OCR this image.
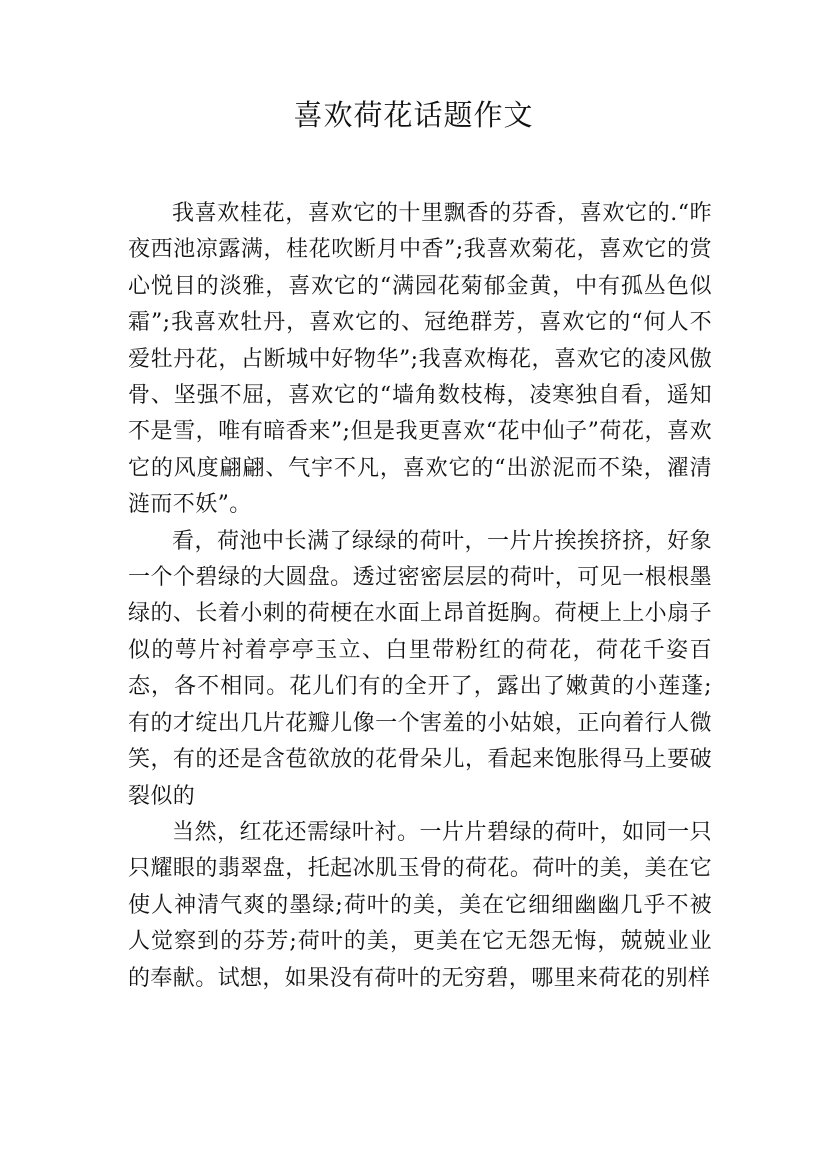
喜欢荷花话题作文

我喜欢桂花，喜欢它的十里飘香的芬香，喜欢它的.“昨夜西池凉露满，桂花吹断月中香”;我喜欢菊花，喜欢它的赏心悦目的淡雅，喜欢它的“满园花菊郁金黄，中有孤丛色似霜”;我喜欢牡丹，喜欢它的、冠绝群芳，喜欢它的“何人不爱牡丹花，占断城中好物华”;我喜欢梅花，喜欢它的凌风傲骨、坚强不屈，喜欢它的“墙角数枝梅，凌寒独自看，遥知不是雪，唯有暗香来”;但是我更喜欢“花中仙子”荷花，喜欢它的风度翩翩、气宇不凡，喜欢它的“出淤泥而不染，濯清涟而不妖”。

看，荷池中长满了绿绿的荷叶，一片片挨挨挤挤，好象一个个碧绿的大圆盘。透过密密层层的荷叶，可见一根根墨绿的、长着小刺的荷梗在水面上昂首挺胸。荷梗上上小扇子似的萼片衬着亭亭玉立、白里带粉红的荷花，荷花千姿百态，各不相同。花儿们有的全开了，露出了嫩黄的小莲蓬;有的才绽出几片花瓣儿像一个害羞的小姑娘，正向着行人微笑，有的还是含苞欲放的花骨朵儿，看起来饱胀得马上要破裂似的

当然，红花还需绿叶衬。一片片碧绿的荷叶，如同一只只耀眼的翡翠盘，托起冰肌玉骨的荷花。荷叶的美，美在它使人神清气爽的墨绿;荷叶的美，美在它细细幽幽几乎不被人觉察到的芬芳;荷叶的美，更美在它无怨无悔，兢兢业业的奉献。试想，如果没有荷叶的无穷碧，哪里来荷花的别样
